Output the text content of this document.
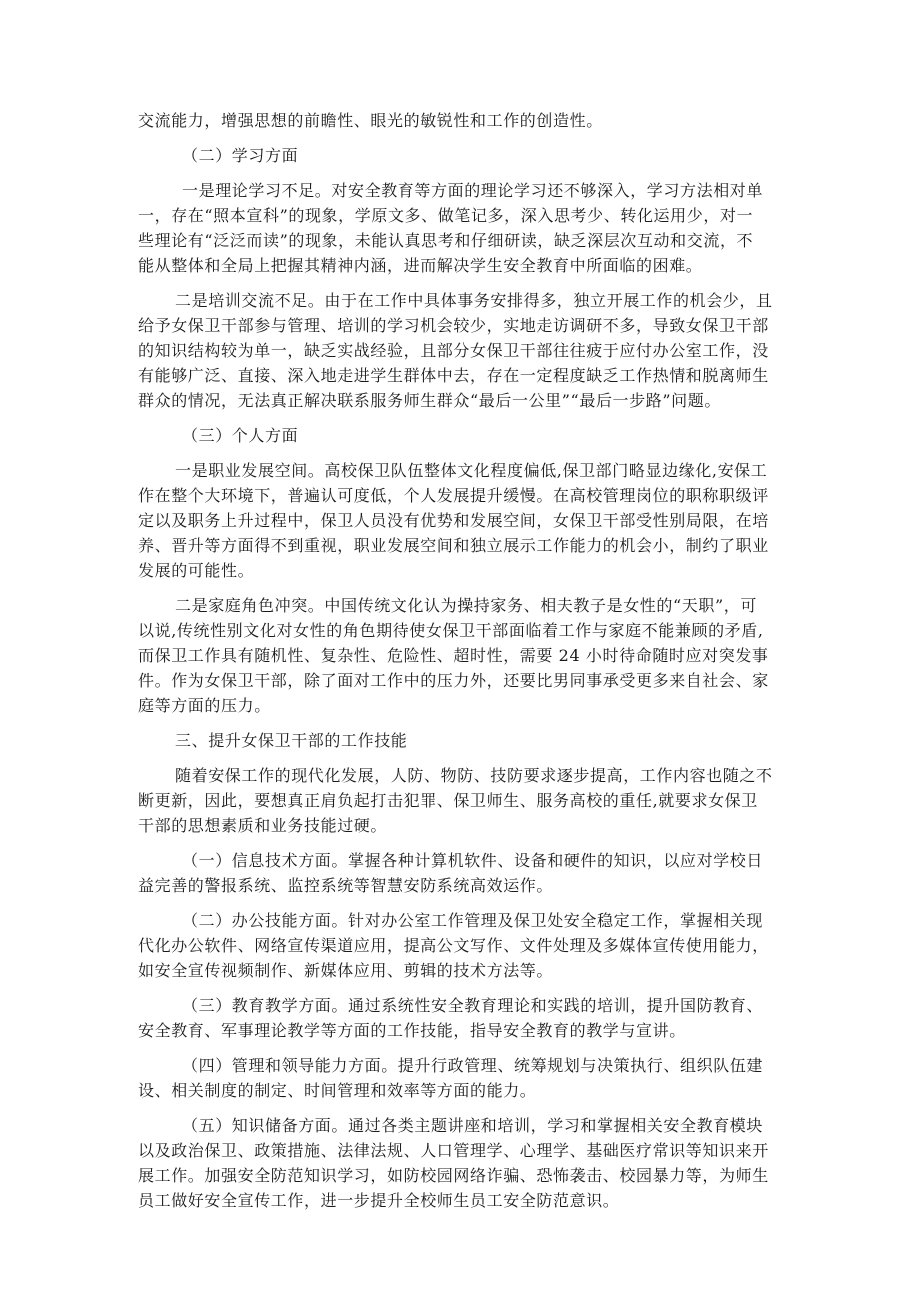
交流能力，增强思想的前瞻性、眼光的敏锐性和工作的创造性。
（二）学习方面
一是理论学习不足。对安全教育等方面的理论学习还不够深入，学习方法相对单
一，存在“照本宣科”的现象，学原文多、做笔记多，深入思考少、转化运用少，对一
些理论有“泛泛而读”的现象，未能认真思考和仔细研读，缺乏深层次互动和交流，不
能从整体和全局上把握其精神内涵，进而解决学生安全教育中所面临的困难。
二是培训交流不足。由于在工作中具体事务安排得多，独立开展工作的机会少，且
给予女保卫干部参与管理、培训的学习机会较少，实地走访调研不多，导致女保卫干部
的知识结构较为单一，缺乏实战经验，且部分女保卫干部往往疲于应付办公室工作，没
有能够广泛、直接、深入地走进学生群体中去，存在一定程度缺乏工作热情和脱离师生
群众的情况，无法真正解决联系服务师生群众“最后一公里”“最后一步路”问题。
（三）个人方面
一是职业发展空间。高校保卫队伍整体文化程度偏低,保卫部门略显边缘化,安保工
作在整个大环境下，普遍认可度低，个人发展提升缓慢。在高校管理岗位的职称职级评
定以及职务上升过程中，保卫人员没有优势和发展空间，女保卫干部受性别局限，在培
养、晋升等方面得不到重视，职业发展空间和独立展示工作能力的机会小，制约了职业
发展的可能性。
二是家庭角色冲突。中国传统文化认为操持家务、相夫教子是女性的“天职”，可
以说,传统性别文化对女性的角色期待使女保卫干部面临着工作与家庭不能兼顾的矛盾,
而保卫工作具有随机性、复杂性、危险性、超时性，需要 24 小时待命随时应对突发事
件。作为女保卫干部，除了面对工作中的压力外，还要比男同事承受更多来自社会、家
庭等方面的压力。
三、提升女保卫干部的工作技能
随着安保工作的现代化发展，人防、物防、技防要求逐步提高，工作内容也随之不
断更新，因此，要想真正肩负起打击犯罪、保卫师生、服务高校的重任,就要求女保卫
干部的思想素质和业务技能过硬。
（一）信息技术方面。掌握各种计算机软件、设备和硬件的知识，以应对学校日
益完善的警报系统、监控系统等智慧安防系统高效运作。
（二）办公技能方面。针对办公室工作管理及保卫处安全稳定工作，掌握相关现
代化办公软件、网络宣传渠道应用，提高公文写作、文件处理及多媒体宣传使用能力，
如安全宣传视频制作、新媒体应用、剪辑的技术方法等。
（三）教育教学方面。通过系统性安全教育理论和实践的培训，提升国防教育、
安全教育、军事理论教学等方面的工作技能，指导安全教育的教学与宣讲。
（四）管理和领导能力方面。提升行政管理、统筹规划与决策执行、组织队伍建
设、相关制度的制定、时间管理和效率等方面的能力。
（五）知识储备方面。通过各类主题讲座和培训，学习和掌握相关安全教育模块
以及政治保卫、政策措施、法律法规、人口管理学、心理学、基础医疗常识等知识来开
展工作。加强安全防范知识学习，如防校园网络诈骗、恐怖袭击、校园暴力等，为师生
员工做好安全宣传工作，进一步提升全校师生员工安全防范意识。
